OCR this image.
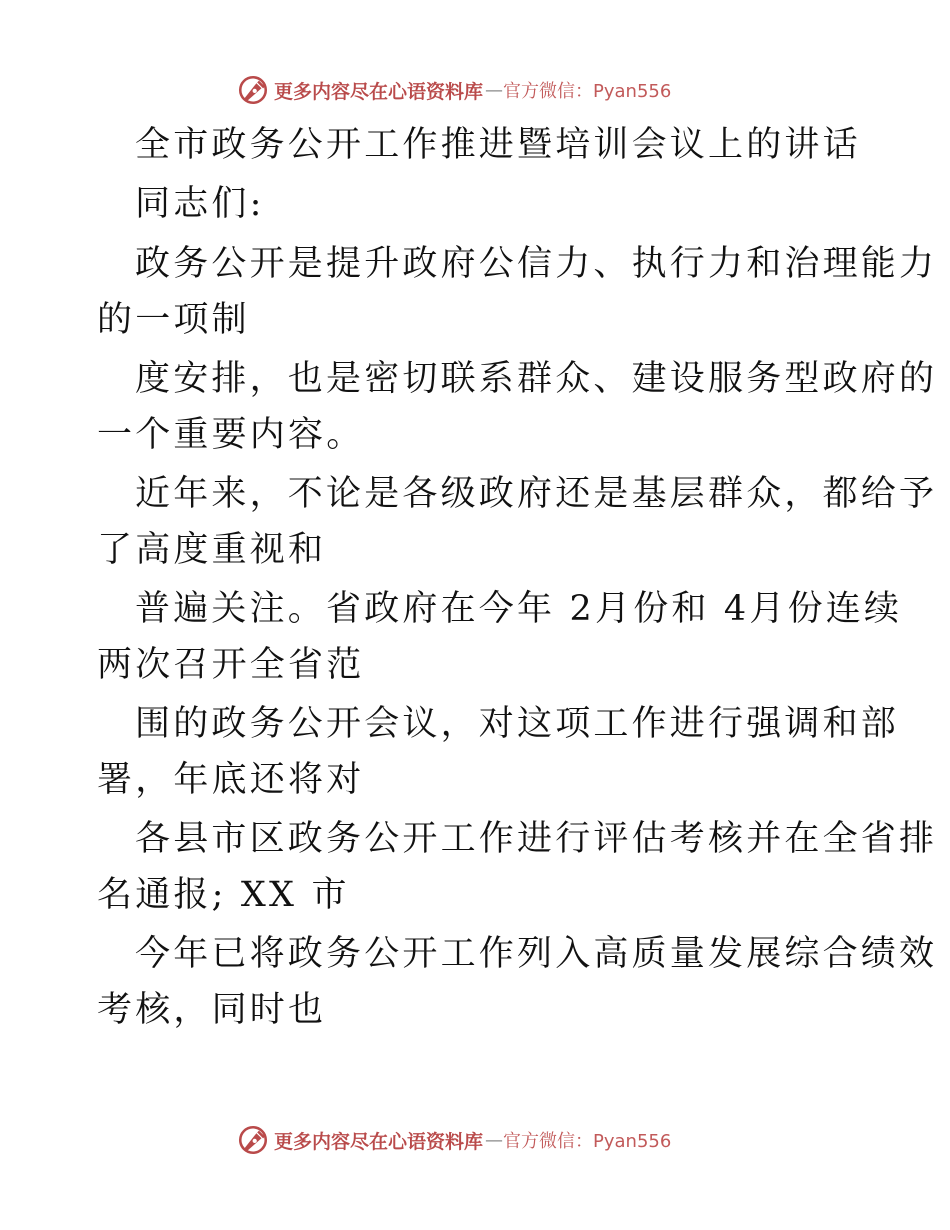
更多内容尽在心语资料库 — 官方微信：Pyan556

全市政务公开工作推进暨培训会议上的讲话

同志们:

政务公开是提升政府公信力、执行力和治理能力

的一项制

度安排，也是密切联系群众、建设服务型政府的

一个重要内容。

近年来，不论是各级政府还是基层群众，都给予

了高度重视和

普遍关注。省政府在今年 2月份和 4月份连续

两次召开全省范

围的政务公开会议，对这项工作进行强调和部

署，年底还将对

各县市区政务公开工作进行评估考核并在全省排

名通报; XX 市

今年已将政务公开工作列入高质量发展综合绩效

考核，同时也

更多内容尽在心语资料库 — 官方微信：Pyan556
